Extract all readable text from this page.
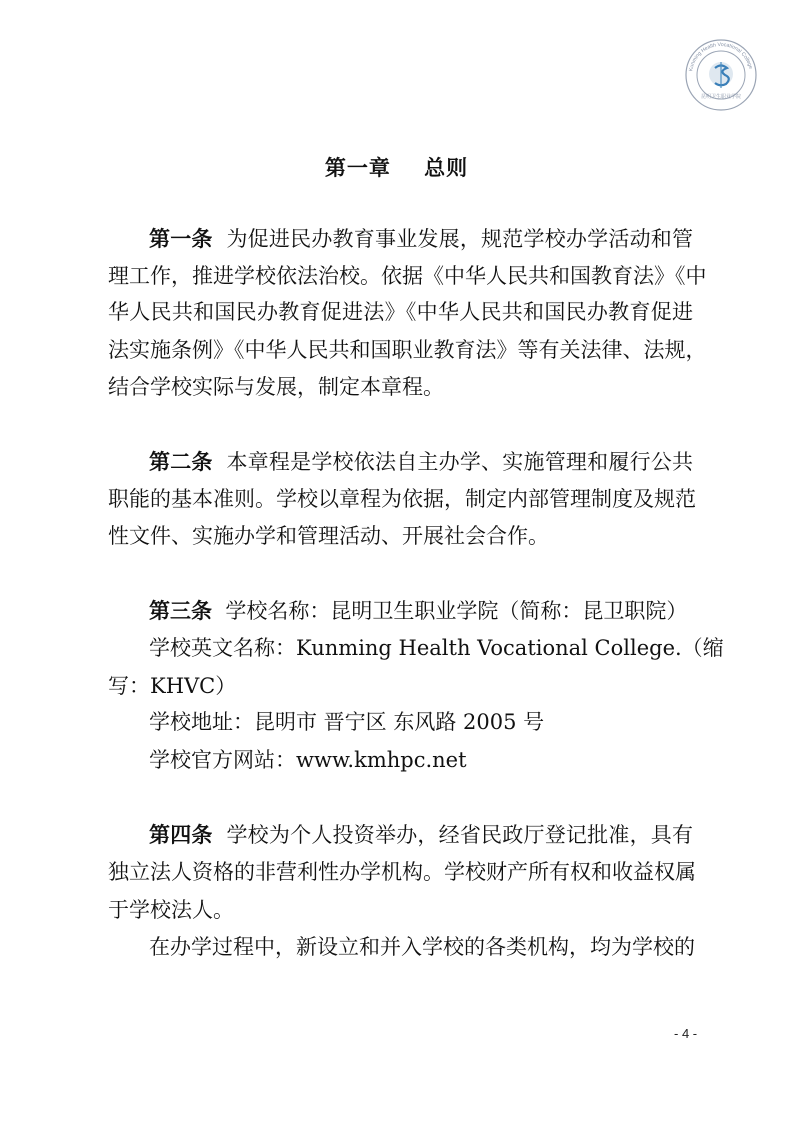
Kunming Health Vocational College
昆明卫生职业学院
第一章    总则
第一条 为促进民办教育事业发展，规范学校办学活动和管
理工作，推进学校依法治校。依据《中华人民共和国教育法》《中
华人民共和国民办教育促进法》《中华人民共和国民办教育促进
法实施条例》《中华人民共和国职业教育法》等有关法律、法规，
结合学校实际与发展，制定本章程。
第二条 本章程是学校依法自主办学、实施管理和履行公共
职能的基本准则。学校以章程为依据，制定内部管理制度及规范
性文件、实施办学和管理活动、开展社会合作。
第三条 学校名称：昆明卫生职业学院（简称：昆卫职院）
学校英文名称：Kunming Health Vocational College.（缩
写：KHVC）
学校地址：昆明市 晋宁区 东风路 2005 号
学校官方网站：www.kmhpc.net
第四条 学校为个人投资举办，经省民政厅登记批准，具有
独立法人资格的非营利性办学机构。学校财产所有权和收益权属
于学校法人。
在办学过程中，新设立和并入学校的各类机构，均为学校的
- 4 -
